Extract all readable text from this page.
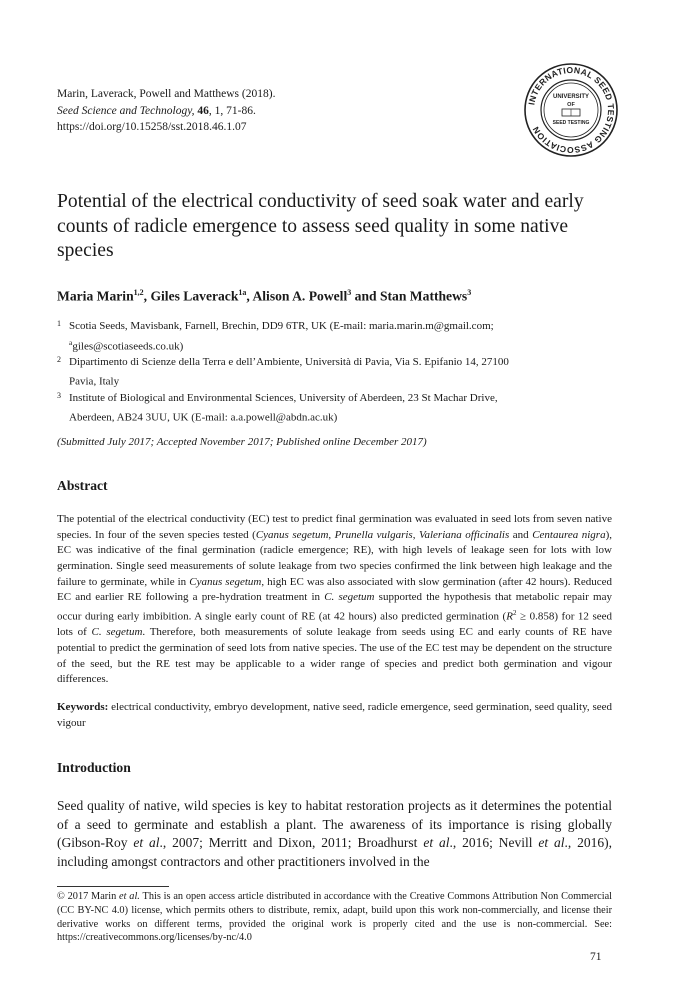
Marin, Laverack, Powell and Matthews (2018).
Seed Science and Technology, 46, 1, 71-86.
https://doi.org/10.15258/sst.2018.46.1.07
INTERNATIONAL SEED TESTING ASSOCIATION
UNIVERSITY
OF
SEED TESTING
Potential of the electrical conductivity of seed soak water and early counts of radicle emergence to assess seed quality in some native species
Maria Marin$^{1,2}$, Giles Laverack$^{1a}$, Alison A. Powell$^3$ and Stan Matthews$^3$
1 Scotia Seeds, Mavisbank, Farnell, Brechin, DD9 6TR, UK (E-mail: maria.marin.m@gmail.com;
$^a$giles@scotiaseeds.co.uk)
2 Dipartimento di Scienze della Terra e dell’Ambiente, Università di Pavia, Via S. Epifanio 14, 27100
Pavia, Italy
3 Institute of Biological and Environmental Sciences, University of Aberdeen, 23 St Machar Drive,
Aberdeen, AB24 3UU, UK (E-mail: a.a.powell@abdn.ac.uk)
(Submitted July 2017; Accepted November 2017; Published online December 2017)
Abstract
The potential of the electrical conductivity (EC) test to predict final germination was evaluated in seed lots from seven native species. In four of the seven species tested (Cyanus segetum, Prunella vulgaris, Valeriana officinalis and Centaurea nigra), EC was indicative of the final germination (radicle emergence; RE), with high levels of leakage seen for lots with low germination. Single seed measurements of solute leakage from two species confirmed the link between high leakage and the failure to germinate, while in Cyanus segetum, high EC was also associated with slow germination (after 42 hours). Reduced EC and earlier RE following a pre-hydration treatment in C. segetum supported the hypothesis that metabolic repair may occur during early imbibition. A single early count of RE (at 42 hours) also predicted germination $(R^2 \ge 0.858)$ for 12 seed lots of C. segetum. Therefore, both measurements of solute leakage from seeds using EC and early counts of RE have potential to predict the germination of seed lots from native species. The use of the EC test may be dependent on the structure of the seed, but the RE test may be applicable to a wider range of species and predict both germination and vigour differences.
Keywords: electrical conductivity, embryo development, native seed, radicle emergence, seed germination, seed quality, seed vigour
Introduction
Seed quality of native, wild species is key to habitat restoration projects as it determines the potential of a seed to germinate and establish a plant. The awareness of its importance is rising globally (Gibson-Roy et al., 2007; Merritt and Dixon, 2011; Broadhurst et al., 2016; Nevill et al., 2016), including amongst contractors and other practitioners involved in the
© 2017 Marin et al. This is an open access article distributed in accordance with the Creative Commons Attribution Non Commercial (CC BY-NC 4.0) license, which permits others to distribute, remix, adapt, build upon this work non-commercially, and license their derivative works on different terms, provided the original work is properly cited and the use is non-commercial. See: https://creativecommons.org/licenses/by-nc/4.0
71
